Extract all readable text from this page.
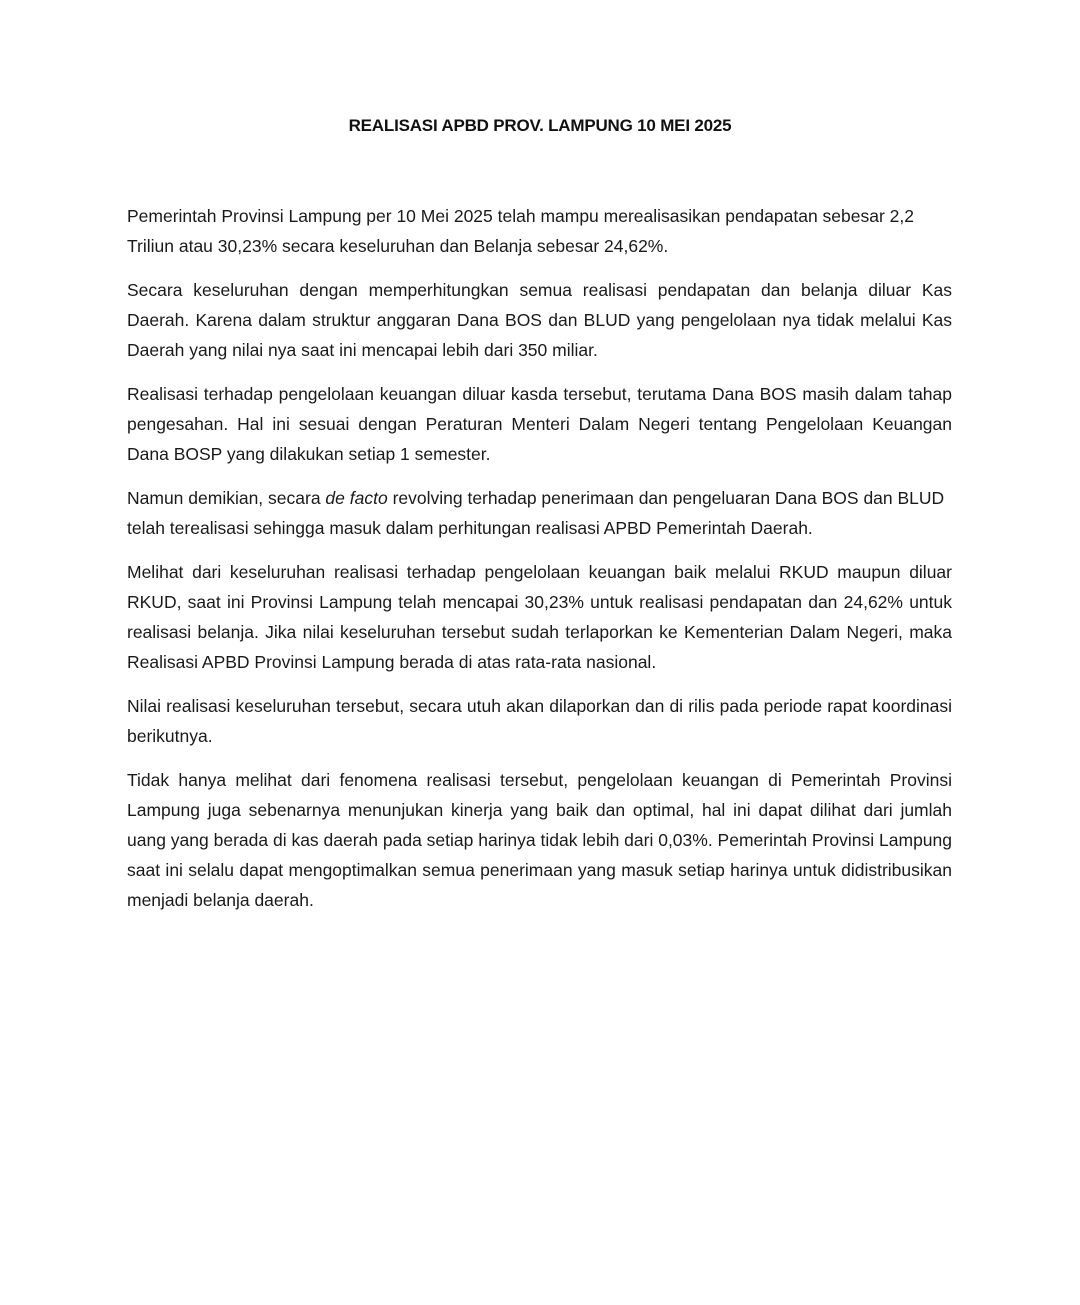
REALISASI APBD PROV. LAMPUNG 10 MEI 2025

Pemerintah Provinsi Lampung per 10 Mei 2025 telah mampu merealisasikan pendapatan sebesar 2,2 Triliun atau 30,23% secara keseluruhan dan Belanja sebesar 24,62%.

Secara keseluruhan dengan memperhitungkan semua realisasi pendapatan dan belanja diluar Kas Daerah. Karena dalam struktur anggaran Dana BOS dan BLUD yang pengelolaan nya tidak melalui Kas Daerah yang nilai nya saat ini mencapai lebih dari 350 miliar.

Realisasi terhadap pengelolaan keuangan diluar kasda tersebut, terutama Dana BOS masih dalam tahap pengesahan. Hal ini sesuai dengan Peraturan Menteri Dalam Negeri tentang Pengelolaan Keuangan Dana BOSP yang dilakukan setiap 1 semester.

Namun demikian, secara de facto revolving terhadap penerimaan dan pengeluaran Dana BOS dan BLUD telah terealisasi sehingga masuk dalam perhitungan realisasi APBD Pemerintah Daerah.

Melihat dari keseluruhan realisasi terhadap pengelolaan keuangan baik melalui RKUD maupun diluar RKUD, saat ini Provinsi Lampung telah mencapai 30,23% untuk realisasi pendapatan dan 24,62% untuk realisasi belanja. Jika nilai keseluruhan tersebut sudah terlaporkan ke Kementerian Dalam Negeri, maka Realisasi APBD Provinsi Lampung berada di atas rata-rata nasional.

Nilai realisasi keseluruhan tersebut, secara utuh akan dilaporkan dan di rilis pada periode rapat koordinasi berikutnya.

Tidak hanya melihat dari fenomena realisasi tersebut, pengelolaan keuangan di Pemerintah Provinsi Lampung juga sebenarnya menunjukan kinerja yang baik dan optimal, hal ini dapat dilihat dari jumlah uang yang berada di kas daerah pada setiap harinya tidak lebih dari 0,03%. Pemerintah Provinsi Lampung saat ini selalu dapat mengoptimalkan semua penerimaan yang masuk setiap harinya untuk didistribusikan menjadi belanja daerah.
